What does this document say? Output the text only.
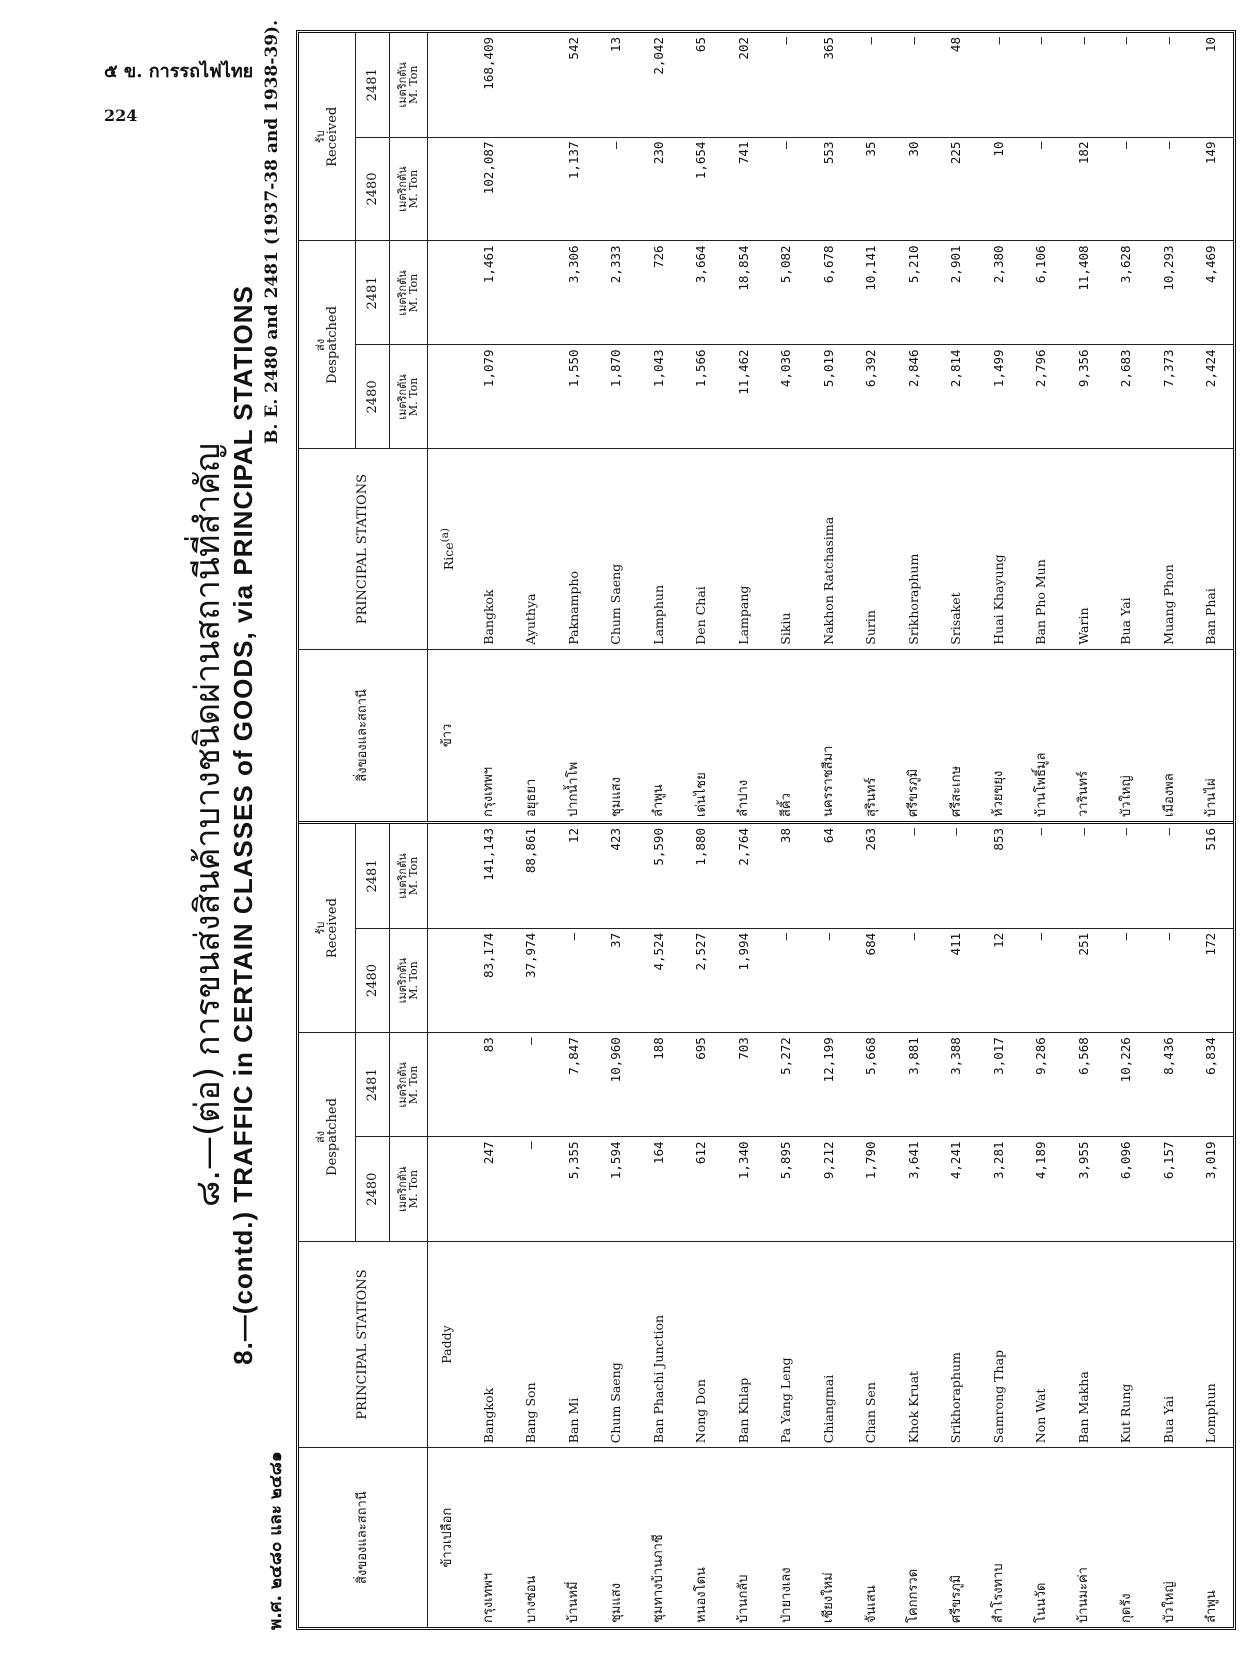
๕ ข. การรถไฟไทย
224
๘.—(ต่อ) การขนส่งสินค้าบางชนิดผ่านสถานีที่สำคัญ 8.—(contd.) TRAFFIC in CERTAIN CLASSES of GOODS, via PRINCIPAL STATIONS
พ.ศ. ๒๔๘๐ และ ๒๔๘๑
B. E. 2480 and 2481 (1937-38 and 1938-39).
สิ่งของและสถานี	PRINCIPAL STATIONS	ส่ง
Despatched		รับ
Received	
		2480	2481	2480	2481

		เมตริกตัน
M. Ton	เมตริกตัน
M. Ton	เมตริกตัน
M. Ton	เมตริกตัน
M. Ton

ข้าวเปลือก	Paddy				
กรุงเทพฯ	Bangkok	247	83	83,174	141,143
บางซ่อน	Bang Son	—	—	37,974	88,861
บ้านหมี่	Ban Mi	5,355	7,847	—	12
ชุมแสง	Chum Saeng	1,594	10,960	37	423
ชุมทางบ้านภาชี	Ban Phachi Junction	164	188	4,524	5,590
หนองโดน	Nong Don	612	695	2,527	1,880
บ้านกลับ	Ban Khlap	1,340	703	1,994	2,764
ป่ายางเลง	Pa Yang Leng	5,895	5,272	—	38
เชียงใหม่	Chiangmai	9,212	12,199	—	64
จันเสน	Chan Sen	1,790	5,668	684	263
โคกกรวด	Khok Kruat	3,641	3,881	—	—
ศรีขรภูมิ	Srikhoraphum	4,241	3,388	411	—
สำโรงทาบ	Samrong Thap	3,281	3,017	12	853
โนนวัด	Non Wat	4,189	9,286	—	—
บ้านมะค่า	Ban Makha	3,955	6,568	251	—
กุดรัง	Kut Rung	6,096	10,226	—	—
บัวใหญ่	Bua Yai	6,157	8,436	—	—
ลำพูน	Lomphun	3,019	6,834	172	516
สิ่งของและสถานี	PRINCIPAL STATIONS	ส่ง
Despatched		รับ
Received	
		2480	2481	2480	2481

		เมตริกตัน
M. Ton	เมตริกตัน
M. Ton	เมตริกตัน
M. Ton	เมตริกตัน
M. Ton

ข้าว	Rice$^{(a)}$				
กรุงเทพฯ	Bangkok	1,079	1,461	102,087	168,409
อยุธยา	Ayuthya				
ปากน้ำโพ	Paknampho	1,550	3,306	1,137	542
ชุมแสง	Chum Saeng	1,870	2,333	—	13
ลำพูน	Lamphun	1,043	726	230	2,042
เด่นไชย	Den Chai	1,566	3,664	1,654	65
ลำปาง	Lampang	11,462	18,854	741	202
สีคิ้ว	Sikiu	4,036	5,082	—	—
นครราชสีมา	Nakhon Ratchasima	5,019	6,678	553	365
สุรินทร์	Surin	6,392	10,141	35	—
ศรีขรภูมิ	Srikhoraphum	2,846	5,210	30	—
ศรีสะเกษ	Srisaket	2,814	2,901	225	48
ห้วยขยุง	Huai Khayung	1,499	2,380	10	—
บ้านโพธิ์มูล	Ban Pho Mun	2,796	6,106	—	—
วารินทร์	Warin	9,356	11,408	182	—
บัวใหญ่	Bua Yai	2,683	3,628	—	—
เมืองพล	Muang Phon	7,373	10,293	—	—
บ้านไผ่	Ban Phai	2,424	4,469	149	10
